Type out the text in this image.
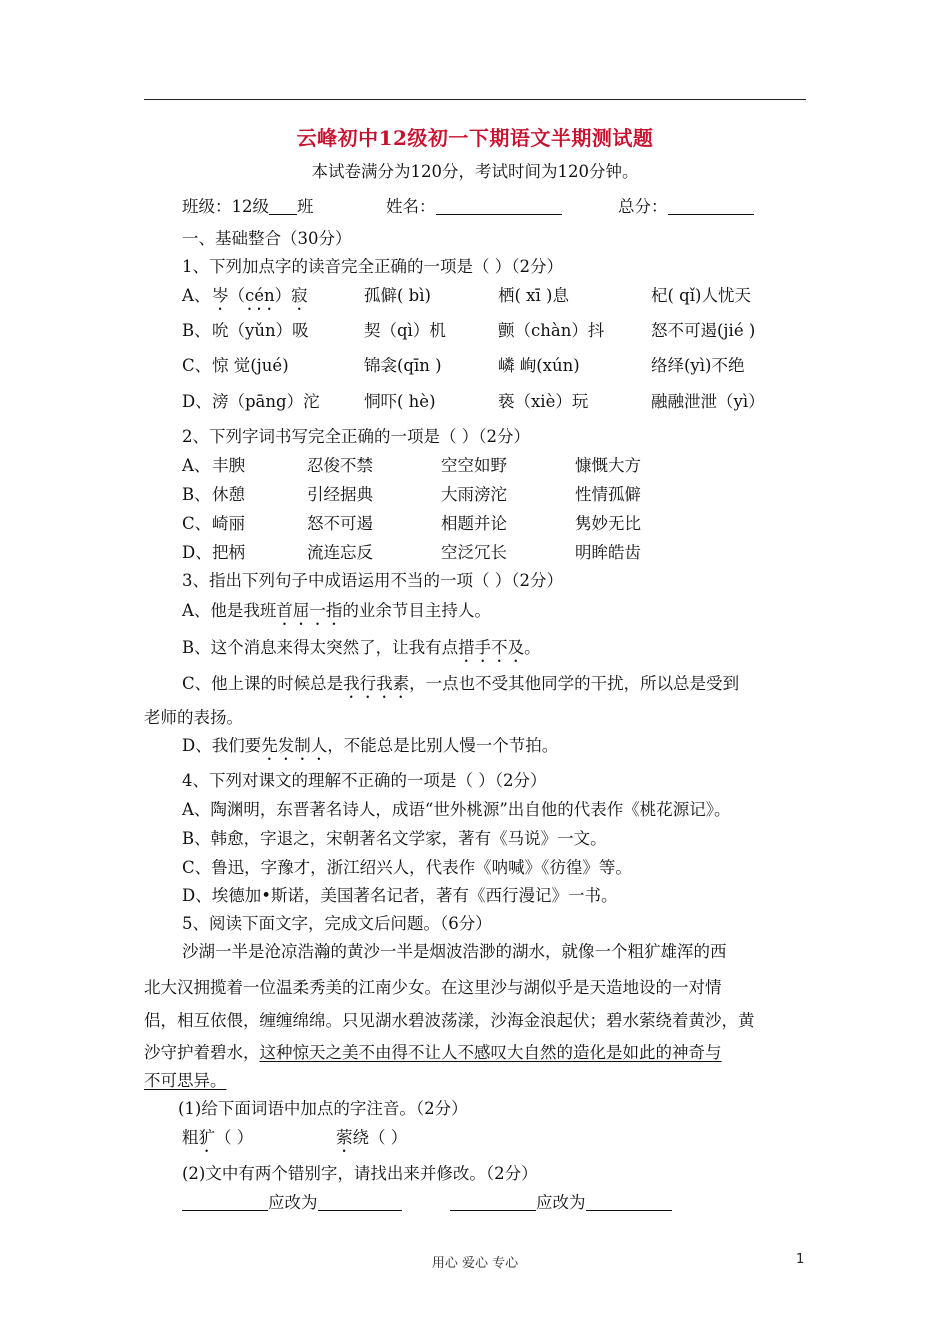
云峰初中12级初一下期语文半期测试题
本试卷满分为120分，考试时间为120分钟。
班级：12级 班	姓名：	总分：
一、基础整合（30分）
1、下列加点字的读音完全正确的一项是（ ）（2分）
A、 岑（cén）寂	孤僻( bì)	栖( xī )息	杞( qǐ)人忧天
B、 吮（yǔn）吸	契（qì）机	颤（chàn）抖	怒不可遏(jié )
C、 惊 觉(jué)	锦衾(qīn )	嶙 峋(xún)	络绎(yì)不绝
D、 滂（pāng）沱	恫吓( hè)	亵（xiè）玩	融融泄泄（yì）
2、下列字词书写完全正确的一项是（ ）（2分）
A、 丰腴	忍俊不禁	空空如野	慷慨大方
B、 休憩	引经据典	大雨滂沱	性情孤僻
C、 崎丽	怒不可遏	相题并论	隽妙无比
D、 把柄	流连忘反	空泛冗长	明眸皓齿
3、指出下列句子中成语运用不当的一项（ ）（2分）
A、他是我班首屈一指的业余节目主持人。
B、这个消息来得太突然了，让我有点措手不及。
C、他上课的时候总是我行我素，一点也不受其他同学的干扰，所以总是受到
老师的表扬。
D、我们要先发制人，不能总是比别人慢一个节拍。
4、下列对课文的理解不正确的一项是（ ）（2分）
A、陶渊明，东晋著名诗人，成语“世外桃源”出自他的代表作《桃花源记》。
B、韩愈，字退之，宋朝著名文学家，著有《马说》一文。
C、鲁迅，字豫才，浙江绍兴人，代表作《呐喊》《彷徨》等。
D、埃德加•斯诺，美国著名记者，著有《西行漫记》一书。
5、阅读下面文字，完成文后问题。（6分）
沙湖一半是沧凉浩瀚的黄沙一半是烟波浩渺的湖水，就像一个粗犷雄浑的西
北大汉拥揽着一位温柔秀美的江南少女。在这里沙与湖似乎是天造地设的一对情
侣，相互依偎，缠缠绵绵。只见湖水碧波荡漾，沙海金浪起伏；碧水萦绕着黄沙，黄
沙守护着碧水，这种惊天之美不由得不让人不感叹大自然的造化是如此的神奇与
不可思异。
(1)给下面词语中加点的字注音。（2分）
粗犷（ ）	萦绕（ ）
(2)文中有两个错别字，请找出来并修改。（2分）
应改为	应改为
用心 爱心 专心	1
